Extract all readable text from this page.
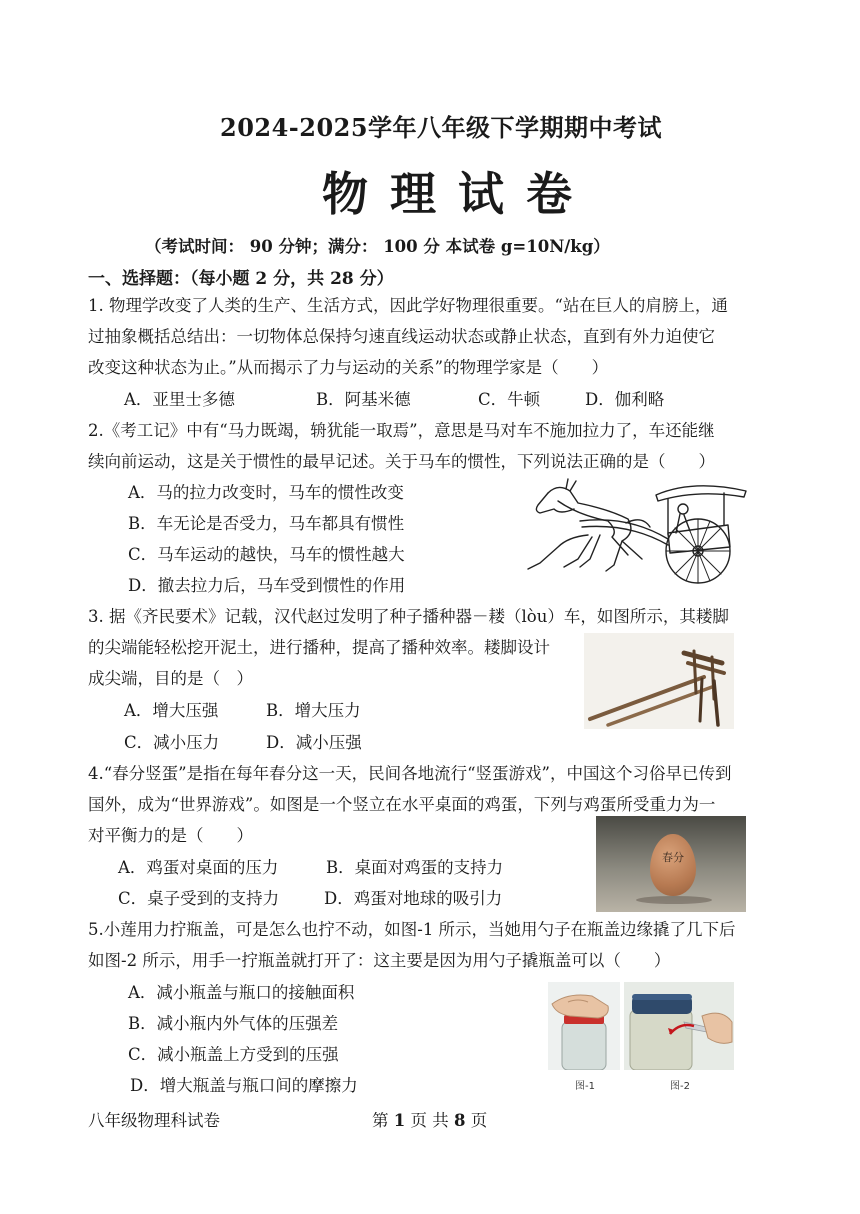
2024-2025学年八年级下学期期中考试
物理试卷
（考试时间： 90 分钟；满分： 100 分 本试卷 g=10N/kg）
一、选择题：（每小题 2 分，共 28 分）
1. 物理学改变了人类的生产、生活方式，因此学好物理很重要。“站在巨人的肩膀上，通
过抽象概括总结出：一切物体总保持匀速直线运动状态或静止状态，直到有外力迫使它
改变这种状态为止。”从而揭示了力与运动的关系”的物理学家是（　　）
A．亚里士多德	B．阿基米德	C．牛顿	D．伽利略
2.《考工记》中有“马力既竭，辀犹能一取焉”，意思是马对车不施加拉力了，车还能继
续向前运动，这是关于惯性的最早记述。关于马车的惯性，下列说法正确的是（　　）
A．马的拉力改变时，马车的惯性改变
B．车无论是否受力，马车都具有惯性
C．马车运动的越快，马车的惯性越大
D．撤去拉力后，马车受到惯性的作用
3. 据《齐民要术》记载，汉代赵过发明了种子播种器－耧（lòu）车，如图所示，其耧脚
的尖端能轻松挖开泥土，进行播种，提高了播种效率。耧脚设计
成尖端，目的是（　）
A．增大压强	B．增大压力
C．减小压力	D．减小压强
4.“春分竖蛋”是指在每年春分这一天，民间各地流行“竖蛋游戏”，中国这个习俗早已传到
国外，成为“世界游戏”。如图是一个竖立在水平桌面的鸡蛋，下列与鸡蛋所受重力为一
对平衡力的是（　　）
A．鸡蛋对桌面的压力	B．桌面对鸡蛋的支持力
C．桌子受到的支持力	D．鸡蛋对地球的吸引力
春分
5.小莲用力拧瓶盖，可是怎么也拧不动，如图-1 所示，当她用勺子在瓶盖边缘撬了几下后
如图-2 所示，用手一拧瓶盖就打开了：这主要是因为用勺子撬瓶盖可以（　　）
A．减小瓶盖与瓶口的接触面积
B．减小瓶内外气体的压强差
C．减小瓶盖上方受到的压强
D．增大瓶盖与瓶口间的摩擦力	图-1	图-2
八年级物理科试卷	第 1 页 共 8 页
